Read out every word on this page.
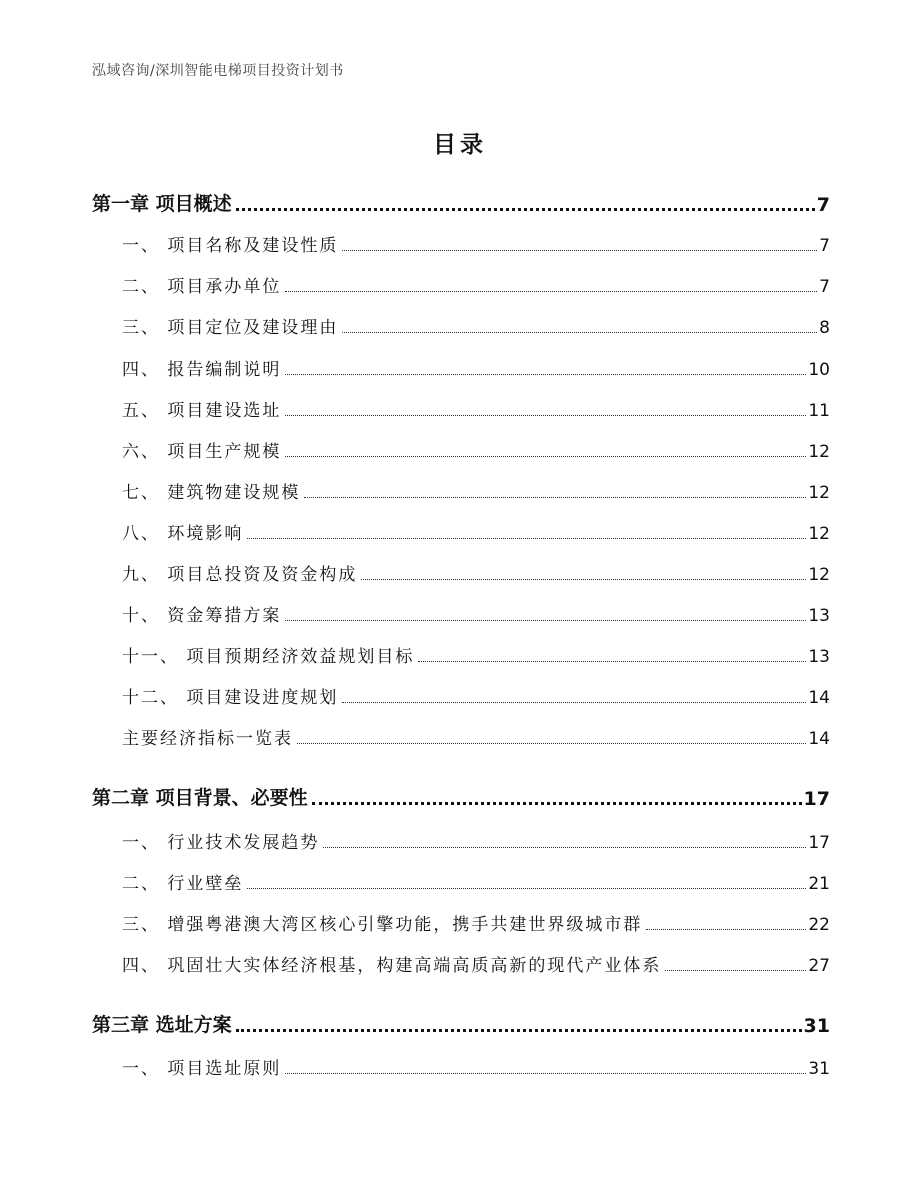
泓域咨询/深圳智能电梯项目投资计划书
目录
第一章 项目概述	7
一、 项目名称及建设性质	7
二、 项目承办单位	7
三、 项目定位及建设理由	8
四、 报告编制说明	10
五、 项目建设选址	11
六、 项目生产规模	12
七、 建筑物建设规模	12
八、 环境影响	12
九、 项目总投资及资金构成	12
十、 资金筹措方案	13
十一、 项目预期经济效益规划目标	13
十二、 项目建设进度规划	14
主要经济指标一览表	14
第二章 项目背景、必要性	17
一、 行业技术发展趋势	17
二、 行业壁垒	21
三、 增强粤港澳大湾区核心引擎功能，携手共建世界级城市群	22
四、 巩固壮大实体经济根基，构建高端高质高新的现代产业体系	27
第三章 选址方案	31
一、 项目选址原则	31
